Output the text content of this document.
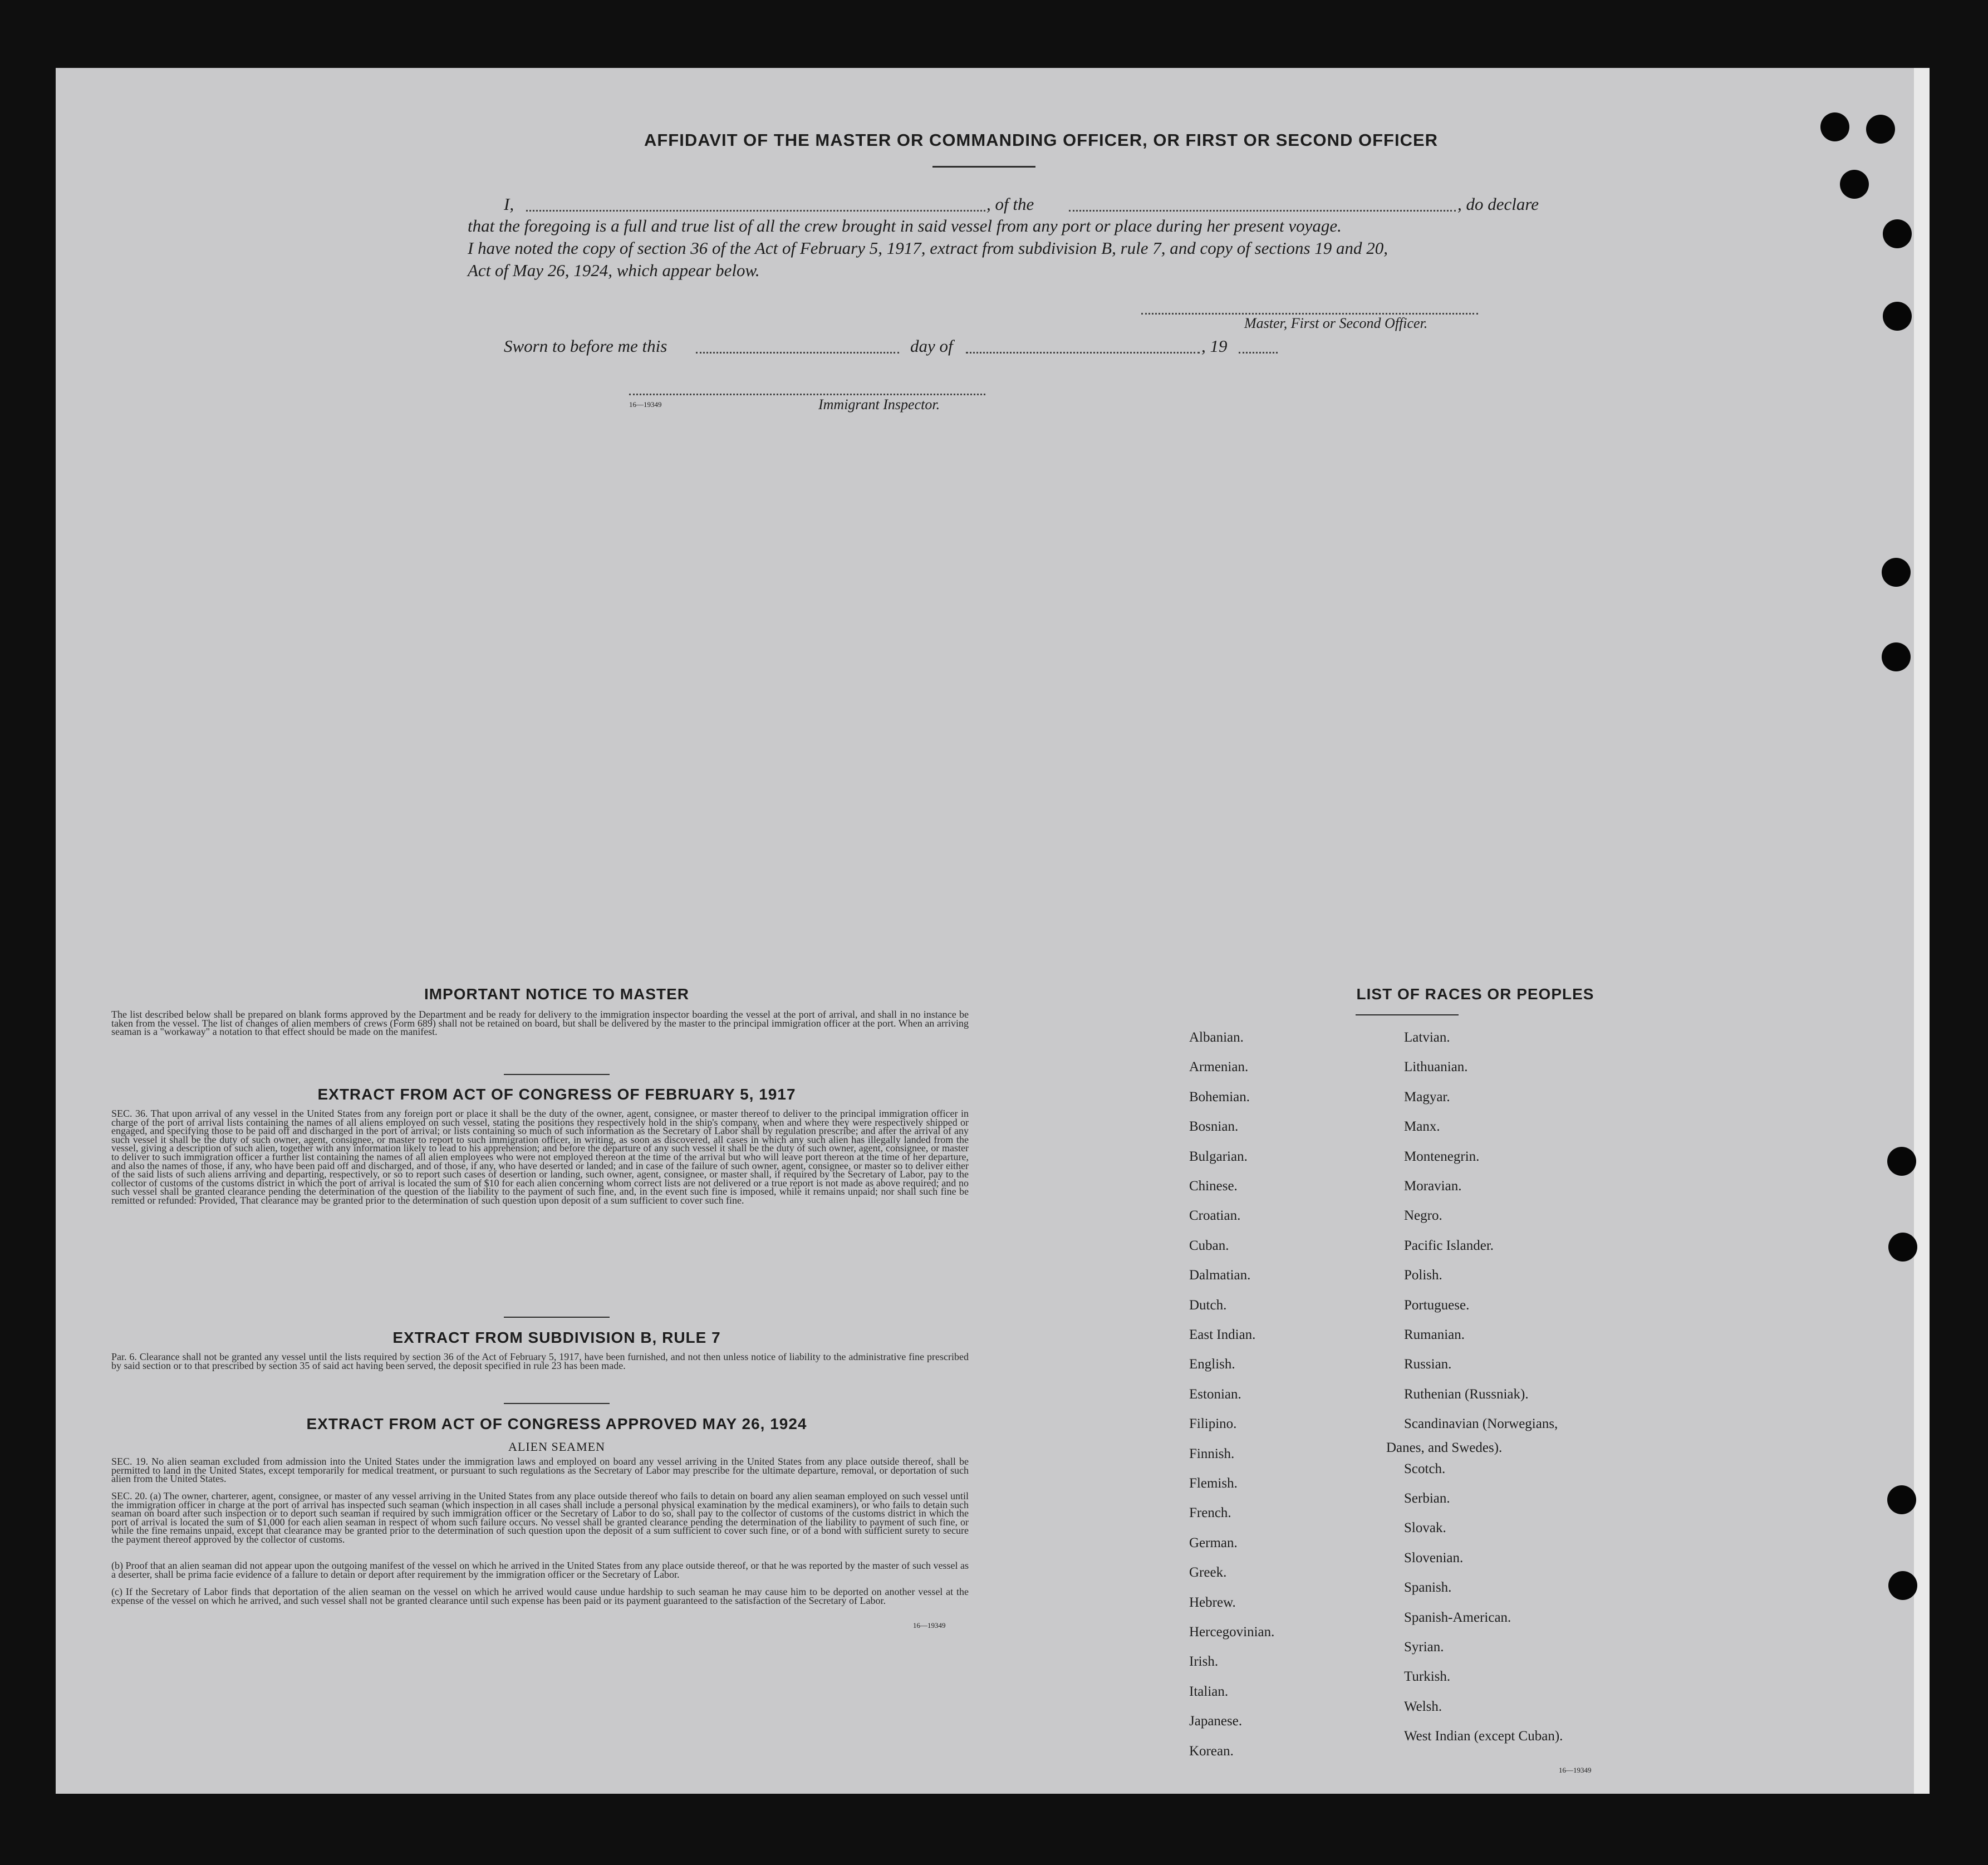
AFFIDAVIT OF THE MASTER OR COMMANDING OFFICER, OR FIRST OR SECOND OFFICER
I,	, of the	, do declare
that the foregoing is a full and true list of all the crew brought in said vessel from any port or place during her present voyage.
I have noted the copy of section 36 of the Act of February 5, 1917, extract from subdivision B, rule 7, and copy of sections 19 and 20,
Act of May 26, 1924, which appear below.
Master, First or Second Officer.
Sworn to before me this	day of	, 19
16—19349	Immigrant Inspector.
IMPORTANT NOTICE TO MASTER
The list described below shall be prepared on blank forms approved by the Department and be ready for delivery to the immigration inspector boarding the vessel at the port of arrival, and shall in no instance be taken from the vessel. The list of changes of alien members of crews (Form 689) shall not be retained on board, but shall be delivered by the master to the principal immigration officer at the port. When an arriving seaman is a "workaway" a notation to that effect should be made on the manifest.
EXTRACT FROM ACT OF CONGRESS OF FEBRUARY 5, 1917
SEC. 36. That upon arrival of any vessel in the United States from any foreign port or place it shall be the duty of the owner, agent, consignee, or master thereof to deliver to the principal immigration officer in charge of the port of arrival lists containing the names of all aliens employed on such vessel, stating the positions they respectively hold in the ship's company, when and where they were respectively shipped or engaged, and specifying those to be paid off and discharged in the port of arrival; or lists containing so much of such information as the Secretary of Labor shall by regulation prescribe; and after the arrival of any such vessel it shall be the duty of such owner, agent, consignee, or master to report to such immigration officer, in writing, as soon as discovered, all cases in which any such alien has illegally landed from the vessel, giving a description of such alien, together with any information likely to lead to his apprehension; and before the departure of any such vessel it shall be the duty of such owner, agent, consignee, or master to deliver to such immigration officer a further list containing the names of all alien employees who were not employed thereon at the time of the arrival but who will leave port thereon at the time of her departure, and also the names of those, if any, who have been paid off and discharged, and of those, if any, who have deserted or landed; and in case of the failure of such owner, agent, consignee, or master so to deliver either of the said lists of such aliens arriving and departing, respectively, or so to report such cases of desertion or landing, such owner, agent, consignee, or master shall, if required by the Secretary of Labor, pay to the collector of customs of the customs district in which the port of arrival is located the sum of $10 for each alien concerning whom correct lists are not delivered or a true report is not made as above required; and no such vessel shall be granted clearance pending the determination of the question of the liability to the payment of such fine, and, in the event such fine is imposed, while it remains unpaid; nor shall such fine be remitted or refunded: Provided, That clearance may be granted prior to the determination of such question upon deposit of a sum sufficient to cover such fine.
EXTRACT FROM SUBDIVISION B, RULE 7
Par. 6. Clearance shall not be granted any vessel until the lists required by section 36 of the Act of February 5, 1917, have been furnished, and not then unless notice of liability to the administrative fine prescribed by said section or to that prescribed by section 35 of said act having been served, the deposit specified in rule 23 has been made.
EXTRACT FROM ACT OF CONGRESS APPROVED MAY 26, 1924
ALIEN SEAMEN
SEC. 19. No alien seaman excluded from admission into the United States under the immigration laws and employed on board any vessel arriving in the United States from any place outside thereof, shall be permitted to land in the United States, except temporarily for medical treatment, or pursuant to such regulations as the Secretary of Labor may prescribe for the ultimate departure, removal, or deportation of such alien from the United States.
SEC. 20. (a) The owner, charterer, agent, consignee, or master of any vessel arriving in the United States from any place outside thereof who fails to detain on board any alien seaman employed on such vessel until the immigration officer in charge at the port of arrival has inspected such seaman (which inspection in all cases shall include a personal physical examination by the medical examiners), or who fails to detain such seaman on board after such inspection or to deport such seaman if required by such immigration officer or the Secretary of Labor to do so, shall pay to the collector of customs of the customs district in which the port of arrival is located the sum of $1,000 for each alien seaman in respect of whom such failure occurs. No vessel shall be granted clearance pending the determination of the liability to payment of such fine, or while the fine remains unpaid, except that clearance may be granted prior to the determination of such question upon the deposit of a sum sufficient to cover such fine, or of a bond with sufficient surety to secure the payment thereof approved by the collector of customs.
(b) Proof that an alien seaman did not appear upon the outgoing manifest of the vessel on which he arrived in the United States from any place outside thereof, or that he was reported by the master of such vessel as a deserter, shall be prima facie evidence of a failure to detain or deport after requirement by the immigration officer or the Secretary of Labor.
(c) If the Secretary of Labor finds that deportation of the alien seaman on the vessel on which he arrived would cause undue hardship to such seaman he may cause him to be deported on another vessel at the expense of the vessel on which he arrived, and such vessel shall not be granted clearance until such expense has been paid or its payment guaranteed to the satisfaction of the Secretary of Labor.
16—19349
LIST OF RACES OR PEOPLES
Danes, and Swedes).
16—19349
Albanian.
Armenian.
Bohemian.
Bosnian.
Bulgarian.
Chinese.
Croatian.
Cuban.
Dalmatian.
Dutch.
East Indian.
English.
Estonian.
Filipino.
Finnish.
Flemish.
French.
German.
Greek.
Hebrew.
Hercegovinian.
Irish.
Italian.
Japanese.
Korean.
Latvian.
Lithuanian.
Magyar.
Manx.
Montenegrin.
Moravian.
Negro.
Pacific Islander.
Polish.
Portuguese.
Rumanian.
Russian.
Ruthenian (Russniak).
Scandinavian (Norwegians,
Scotch.
Serbian.
Slovak.
Slovenian.
Spanish.
Spanish-American.
Syrian.
Turkish.
Welsh.
West Indian (except Cuban).
